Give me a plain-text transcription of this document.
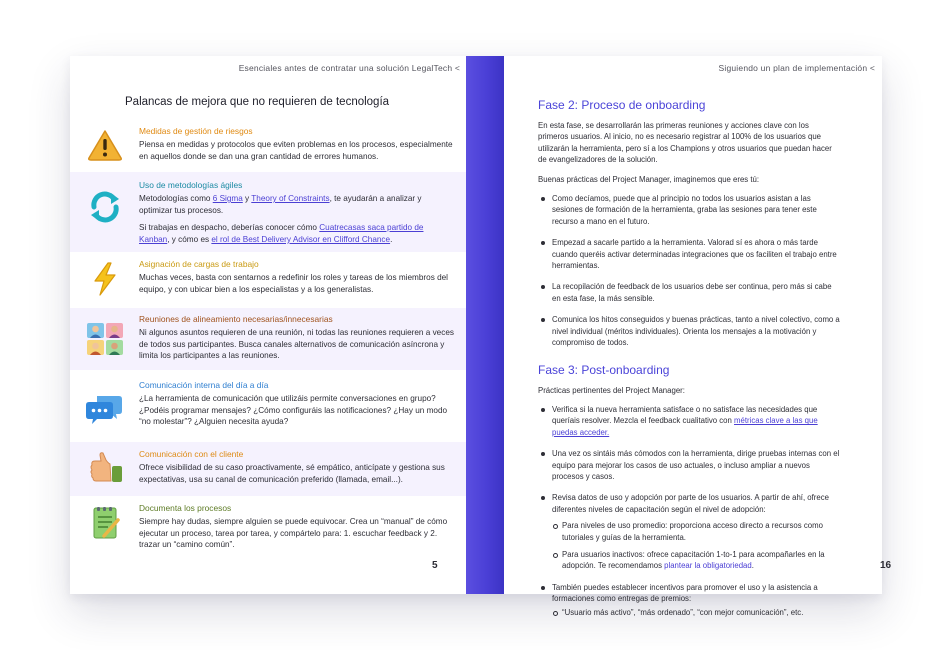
Esenciales antes de contratar una solución LegalTech <
Palancas de mejora que no requieren de tecnología
Medidas de gestión de riesgos
Piensa en medidas y protocolos que eviten problemas en los procesos, especialmente en aquellos donde se dan una gran cantidad de errores humanos.
Uso de metodologías ágiles
Metodologías como 6 Sigma y Theory of Constraints, te ayudarán a analizar y optimizar tus procesos.
Si trabajas en despacho, deberías conocer cómo Cuatrecasas saca partido de Kanban, y cómo es el rol de Best Delivery Advisor en Clifford Chance.
Asignación de cargas de trabajo
Muchas veces, basta con sentarnos a redefinir los roles y tareas de los miembros del equipo, y con ubicar bien a los especialistas y a los generalistas.
Reuniones de alineamiento necesarias/innecesarias
Ni algunos asuntos requieren de una reunión, ni todas las reuniones requieren a veces de todos sus participantes. Busca canales alternativos de comunicación asíncrona y limita los participantes a las reuniones.
Comunicación interna del día a día
¿La herramienta de comunicación que utilizáis permite conversaciones en grupo? ¿Podéis programar mensajes? ¿Cómo configuráis las notificaciones? ¿Hay un modo “no molestar”? ¿Alguien necesita ayuda?
Comunicación con el cliente
Ofrece visibilidad de su caso proactivamente, sé empático, anticípate y gestiona sus expectativas, usa su canal de comunicación preferido (llamada, email...).
Documenta los procesos
Siempre hay dudas, siempre alguien se puede equivocar. Crea un “manual” de cómo ejecutar un proceso, tarea por tarea, y compártelo para: 1. escuchar feedback y 2. trazar un “camino común”.
5
Siguiendo un plan de implementación <
Fase 2: Proceso de onboarding
En esta fase, se desarrollarán las primeras reuniones y acciones clave con los primeros usuarios. Al inicio, no es necesario registrar al 100% de los usuarios que utilizarán la herramienta, pero sí a los Champions y otros usuarios que puedan hacer de evangelizadores de la solución.
Buenas prácticas del Project Manager, imaginemos que eres tú:
Como decíamos, puede que al principio no todos los usuarios asistan a las sesiones de formación de la herramienta, graba las sesiones para tener este recurso a mano en el futuro.
Empezad a sacarle partido a la herramienta. Valorad sí es ahora o más tarde cuando queréis activar determinadas integraciones que os faciliten el trabajo entre herramientas.
La recopilación de feedback de los usuarios debe ser continua, pero más si cabe en esta fase, la más sensible.
Comunica los hitos conseguidos y buenas prácticas, tanto a nivel colectivo, como a nivel individual (méritos individuales). Orienta los mensajes a la motivación y compromiso de todos.
Fase 3: Post-onboarding
Prácticas pertinentes del Project Manager:
Verifica si la nueva herramienta satisface o no satisface las necesidades que queríais resolver. Mezcla el feedback cualitativo con métricas clave a las que puedas acceder.
Una vez os sintáis más cómodos con la herramienta, dirige pruebas internas con el equipo para mejorar los casos de uso actuales, o incluso ampliar a nuevos procesos y casos.
Revisa datos de uso y adopción por parte de los usuarios. A partir de ahí, ofrece diferentes niveles de capacitación según el nivel de adopción:
Para niveles de uso promedio: proporciona acceso directo a recursos como tutoriales y guías de la herramienta.
Para usuarios inactivos: ofrece capacitación 1-to-1 para acompañarles en la adopción. Te recomendamos plantear la obligatoriedad.
También puedes establecer incentivos para promover el uso y la asistencia a formaciones como entregas de premios:
“Usuario más activo”, “más ordenado”, “con mejor comunicación”, etc.
16
